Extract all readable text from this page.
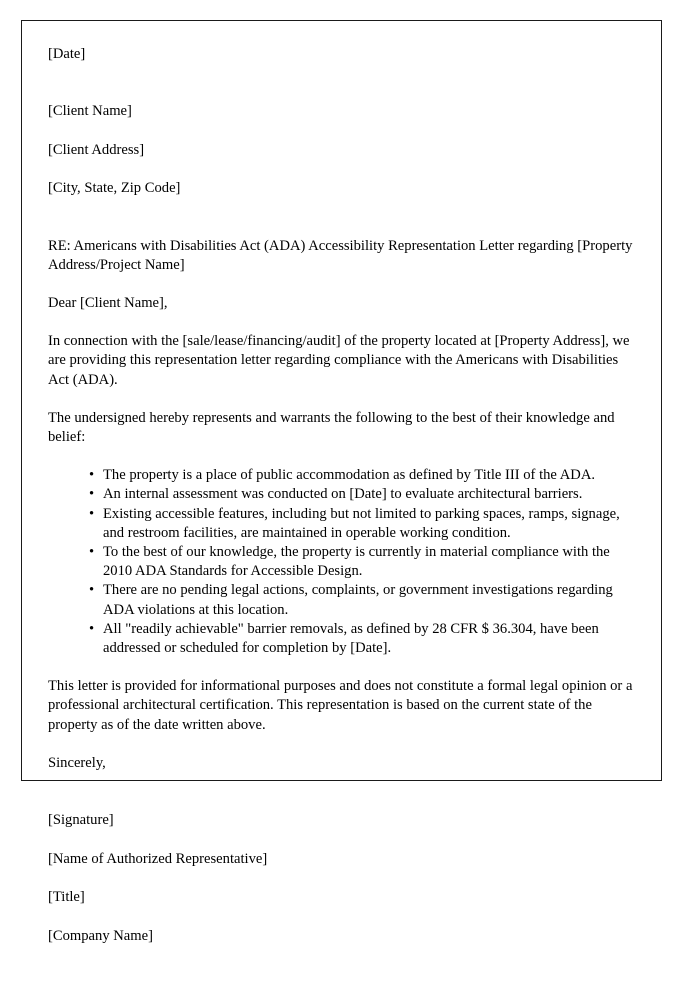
[Date]

[Client Name]

[Client Address]

[City, State, Zip Code]

RE: Americans with Disabilities Act (ADA) Accessibility Representation Letter regarding [Property Address/Project Name]
Dear [Client Name],
In connection with the [sale/lease/financing/audit] of the property located at [Property Address], we are providing this representation letter regarding compliance with the Americans with Disabilities Act (ADA).
The undersigned hereby represents and warrants the following to the best of their knowledge and belief:
• The property is a place of public accommodation as defined by Title III of the ADA.
• An internal assessment was conducted on [Date] to evaluate architectural barriers.
• Existing accessible features, including but not limited to parking spaces, ramps, signage, and restroom facilities, are maintained in operable working condition.
• To the best of our knowledge, the property is currently in material compliance with the 2010 ADA Standards for Accessible Design.
• There are no pending legal actions, complaints, or government investigations regarding ADA violations at this location.
• All "readily achievable" barrier removals, as defined by 28 CFR $ 36.304, have been addressed or scheduled for completion by [Date].
This letter is provided for informational purposes and does not constitute a formal legal opinion or a professional architectural certification. This representation is based on the current state of the property as of the date written above.
Sincerely,

[Signature]

[Name of Authorized Representative]

[Title]

[Company Name]
